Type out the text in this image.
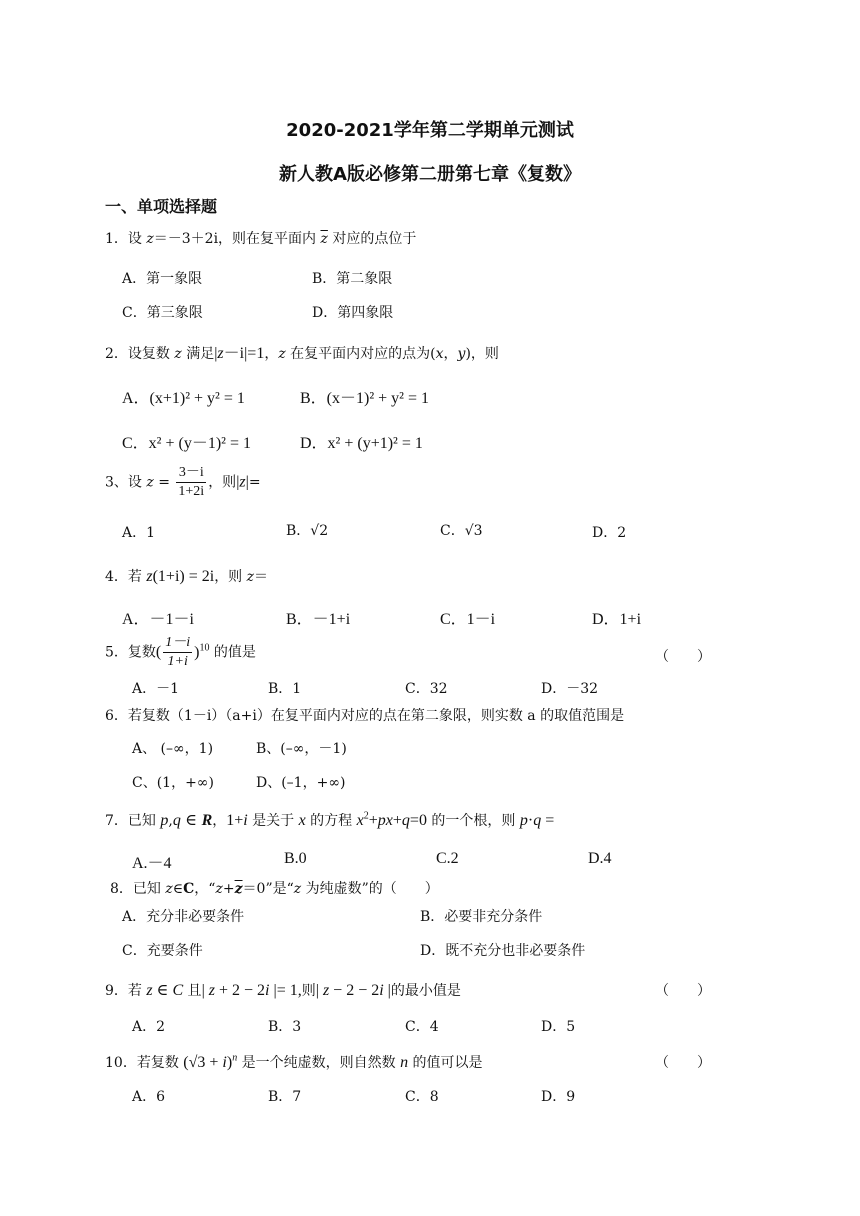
2020-2021学年第二学期单元测试
新人教A版必修第二册第七章《复数》
一、单项选择题
1．设 z＝－3＋2i，则在复平面内 $\overline{z}$ 对应的点位于
A．第一象限	B．第二象限
C．第三象限	D．第四象限
2．设复数 z 满足|z－i|=1，z 在复平面内对应的点为(x，y)，则
A．(x+1)² + y² = 1	B．(x－1)² + y² = 1
C．x² + (y－1)² = 1	D．x² + (y+1)² = 1
3、设 $z = \frac{3-i}{1+2i}$ ，则|z|=
A．1	B．√2	C．√3	D．2
4．若 z(1+i) = 2i，则 z＝
A．－1－i	B．－1+i	C．1－i	D．1+i
5．复数( $\frac{1-i}{1+i} )^{10}$ 的值是	（　　）
A．－1	B．1	C．32	D．－32
6．若复数（1－i）（a+i）在复平面内对应的点在第二象限，则实数 a 的取值范围是
A、 (–∞，1)	B、(–∞，－1)
C、(1，+∞)	D、(–1，+∞)
7．已知 p,q ∈ R，1+i 是关于 x 的方程 $x^2+px+q=0$ 的一个根，则 p·q =
A.－4	B.0	C.2	D.4
8．已知 z∈C，“$z+\overline{z}=0$”是“z 为纯虚数”的（　　）
A．充分非必要条件	B．必要非充分条件
C．充要条件	D．既不充分也非必要条件
9．若 z ∈ C 且| z + 2 − 2i |= 1,则| z − 2 − 2i |的最小值是	（　　）
A．2	B．3	C．4	D．5
10．若复数 $(√3 + i)^n$ 是一个纯虚数，则自然数 n 的值可以是	（　　）
A．6	B．7	C．8	D．9
